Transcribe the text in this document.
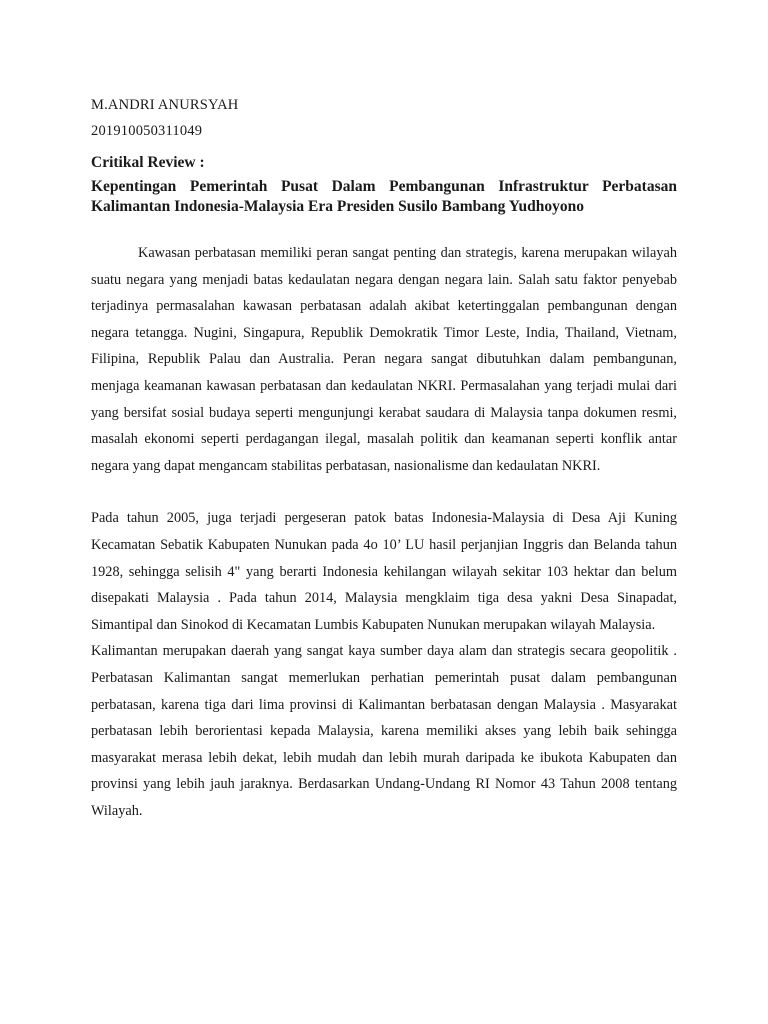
M.ANDRI ANURSYAH
201910050311049
Critikal Review :
Kepentingan Pemerintah Pusat Dalam Pembangunan Infrastruktur Perbatasan Kalimantan Indonesia-Malaysia Era Presiden Susilo Bambang Yudhoyono

Kawasan perbatasan memiliki peran sangat penting dan strategis, karena merupakan wilayah suatu negara yang menjadi batas kedaulatan negara dengan negara lain. Salah satu faktor penyebab terjadinya permasalahan kawasan perbatasan adalah akibat ketertinggalan pembangunan dengan negara tetangga. Nugini, Singapura, Republik Demokratik Timor Leste, India, Thailand, Vietnam, Filipina, Republik Palau dan Australia. Peran negara sangat dibutuhkan dalam pembangunan, menjaga keamanan kawasan perbatasan dan kedaulatan NKRI. Permasalahan yang terjadi mulai dari yang bersifat sosial budaya seperti mengunjungi kerabat saudara di Malaysia tanpa dokumen resmi, masalah ekonomi seperti perdagangan ilegal, masalah politik dan keamanan seperti konflik antar negara yang dapat mengancam stabilitas perbatasan, nasionalisme dan kedaulatan NKRI.

Pada tahun 2005, juga terjadi pergeseran patok batas Indonesia-Malaysia di Desa Aji Kuning Kecamatan Sebatik Kabupaten Nunukan pada 4o 10’ LU hasil perjanjian Inggris dan Belanda tahun 1928, sehingga selisih 4" yang berarti Indonesia kehilangan wilayah sekitar 103 hektar dan belum disepakati Malaysia . Pada tahun 2014, Malaysia mengklaim tiga desa yakni Desa Sinapadat, Simantipal dan Sinokod di Kecamatan Lumbis Kabupaten Nunukan merupakan wilayah Malaysia.

Kalimantan merupakan daerah yang sangat kaya sumber daya alam dan strategis secara geopolitik . Perbatasan Kalimantan sangat memerlukan perhatian pemerintah pusat dalam pembangunan perbatasan, karena tiga dari lima provinsi di Kalimantan berbatasan dengan Malaysia . Masyarakat perbatasan lebih berorientasi kepada Malaysia, karena memiliki akses yang lebih baik sehingga masyarakat merasa lebih dekat, lebih mudah dan lebih murah daripada ke ibukota Kabupaten dan provinsi yang lebih jauh jaraknya. Berdasarkan Undang-Undang RI Nomor 43 Tahun 2008 tentang Wilayah.
